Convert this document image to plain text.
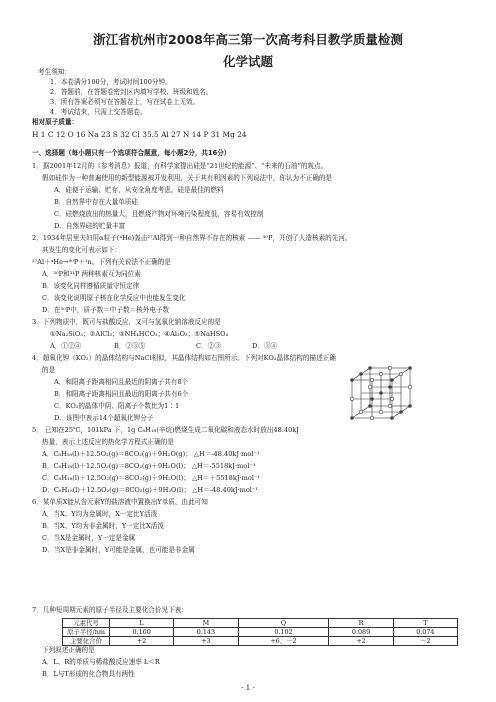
浙江省杭州市2008年高三第一次高考科目教学质量检测
化学试题
考生须知：
1．本卷满分100分，考试时间100分钟。
2．答题前，在答题卷密封区内填写学校、班级和姓名。
3．所有答案必须写在答题卷上，写在试卷上无效。
4．考试结束，只需上交答题卷。
相对原子质量：
H 1 C 12 O 16 Na 23 S 32 Cl 35.5 Al 27 N 14 P 31 Mg 24
一、选择题（每小题只有一个选项符合题意，每小题2分，共16分）
1．据2001年12月的《参考消息》报道，有科学家提出硅是“21世纪的能源”、“未来的石油”的观点。
假如硅作为一种普遍使用的新型能源被开发利用，关于其有利因素的下列说法中，你认为不正确的是
A．硅便于运输、贮存，从安全角度考虑，硅是最佳的燃料
B．自然界中存在大量单质硅
C．硅燃烧放出的热量大，且燃烧产物对环境污染程度低，容易有效控制
D．自然界硅的贮量丰富
2．1934年居里夫妇用α粒子(⁴He)轰击²⁷Al得到一种自然界不存在的核素 —— ³⁰P，开创了人造核素的先河。
其发生的变化可表示如下：
²⁷Al＋⁴He→³⁰P＋¹n。下列有关说法不正确的是
A．³⁰P和³¹P 两种核素互为同位素
B．该变化同样遵循质量守恒定律
C．该变化说明原子核在化学反应中也能发生变化
D．在³⁰P中，质子数＝中子数＝核外电子数
3．下列物质中，既可与盐酸反应，又可与氢氧化钠溶液反应的是
①Na₂SiO₃；②AlCl₃；③NH₄HCO₃；④Al₂O₃；⑤NaHSO₄
A．①②④	B．②③⑤	C．②③	D．③④
4．超氧化钾（KO₂）的晶体结构与NaCl相似，其晶体结构如右图所示。下列对KO₂晶体结构的描述正确
的是
A．和阳离子距离相同且最近的阴离子共有8个
B．和阳离子距离相同且最近的阳离子共有6个
C．KO₂的晶体中阴、阳离子个数比为1∶1
D．该图中表示14个超氧化钾分子
5． 已知在25℃，101kPa 下，1g C₈H₁₈(辛烷)燃烧生成二氧化碳和液态水时放出48.40kJ
热量，表示上述反应的热化学方程式正确的是
A．C₈H₁₈(l)＋12.5O₂(g)＝8CO₂(g)＋9H₂O(g)； △H＝-48.40kJ·mol⁻¹
B．C₈H₁₈(l)＋12.5O₂(g)＝8CO₂(g)＋9H₂O(l)； △H＝-5518kJ·mol⁻¹
C．C₈H₁₈(l)＋12.5O₂(g)＝8CO₂(g)＋9H₂O(l)； △H＝＋5518kJ·mol⁻¹
D．C₈H₁₈(l)＋12.5O₂(g)＝8CO₂(g)＋9H₂O(l)； △H＝-48.40kJ·mol⁻¹
6．某单质X能从含元素Y的盐溶液中置换出Y单质，由此可知
A．当X、Y均为金属时，X一定比Y活泼
B．当X、Y均为非金属时，Y一定比X活泼
C．当X是金属时，Y一定是金属
D．当X是非金属时，Y可能是金属，也可能是非金属
7．几种短周期元素的原子半径及主要化合价见下表：
元素代号	L	M	Q	R	T
原子半径/nm	0.160	0.143	0.102	0.089	0.074
主要化合价	+2	+3	+6、－2	+2	－2
下列叙述正确的是
A．L、R的单质与稀盐酸反应速率 L＜R
B．L与T形成的化合物具有两性
- 1 -
